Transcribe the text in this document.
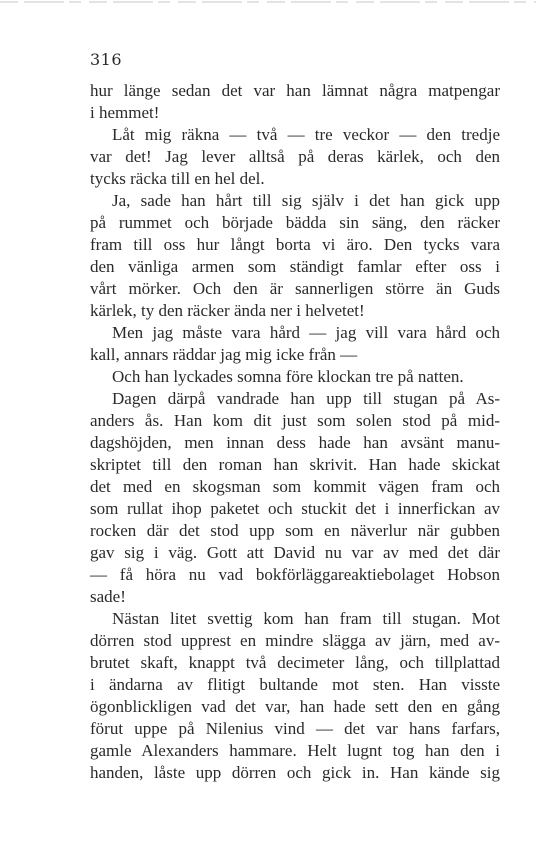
316
hur länge sedan det var han lämnat några matpengar
i hemmet!
Låt mig räkna — två — tre veckor — den tredje
var det! Jag lever alltså på deras kärlek, och den
tycks räcka till en hel del.
Ja, sade han hårt till sig själv i det han gick upp
på rummet och började bädda sin säng, den räcker
fram till oss hur långt borta vi äro. Den tycks vara
den vänliga armen som ständigt famlar efter oss i
vårt mörker. Och den är sannerligen större än Guds
kärlek, ty den räcker ända ner i helvetet!
Men jag måste vara hård — jag vill vara hård och
kall, annars räddar jag mig icke från —
Och han lyckades somna före klockan tre på natten.
Dagen därpå vandrade han upp till stugan på As-
anders ås. Han kom dit just som solen stod på mid-
dagshöjden, men innan dess hade han avsänt manu-
skriptet till den roman han skrivit. Han hade skickat
det med en skogsman som kommit vägen fram och
som rullat ihop paketet och stuckit det i innerfickan av
rocken där det stod upp som en näverlur när gubben
gav sig i väg. Gott att David nu var av med det där
— få höra nu vad bokförläggareaktiebolaget Hobson
sade!
Nästan litet svettig kom han fram till stugan. Mot
dörren stod upprest en mindre slägga av järn, med av-
brutet skaft, knappt två decimeter lång, och tillplattad
i ändarna av flitigt bultande mot sten. Han visste
ögonblickligen vad det var, han hade sett den en gång
förut uppe på Nilenius vind — det var hans farfars,
gamle Alexanders hammare. Helt lugnt tog han den i
handen, låste upp dörren och gick in. Han kände sig
